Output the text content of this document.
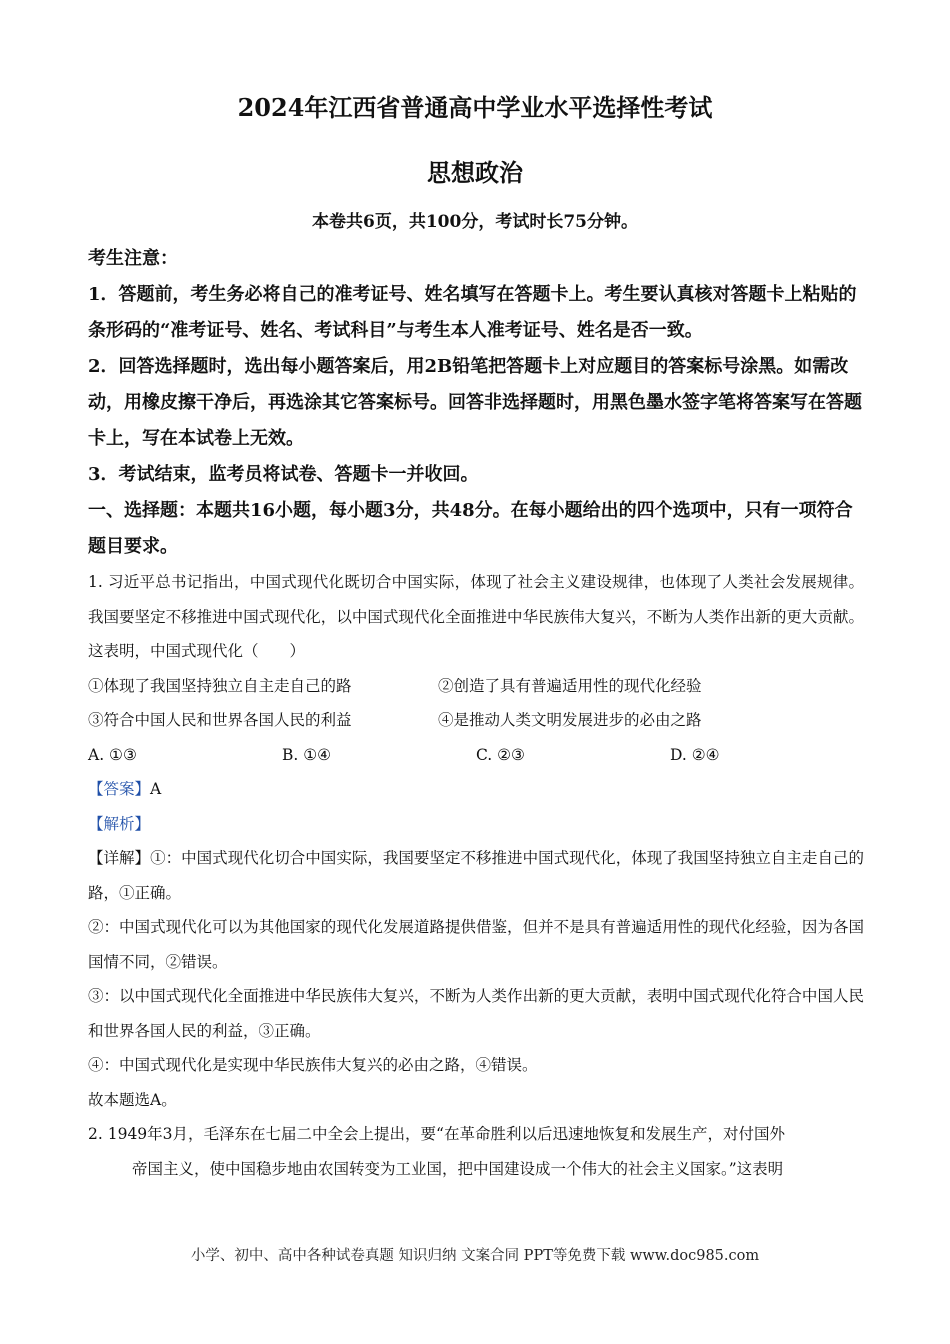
2024年江西省普通高中学业水平选择性考试
思想政治
本卷共6页，共100分，考试时长75分钟。

考生注意：

1．答题前，考生务必将自己的准考证号、姓名填写在答题卡上。考生要认真核对答题卡上粘贴的条形码的“准考证号、姓名、考试科目”与考生本人准考证号、姓名是否一致。

2．回答选择题时，选出每小题答案后，用2B铅笔把答题卡上对应题目的答案标号涂黑。如需改动，用橡皮擦干净后，再选涂其它答案标号。回答非选择题时，用黑色墨水签字笔将答案写在答题卡上，写在本试卷上无效。

3．考试结束，监考员将试卷、答题卡一并收回。

一、选择题：本题共16小题，每小题3分，共48分。在每小题给出的四个选项中，只有一项符合题目要求。

1. 习近平总书记指出，中国式现代化既切合中国实际，体现了社会主义建设规律，也体现了人类社会发展规律。我国要坚定不移推进中国式现代化，以中国式现代化全面推进中华民族伟大复兴，不断为人类作出新的更大贡献。这表明，中国式现代化（　　）

①体现了我国坚持独立自主走自己的路	②创造了具有普遍适用性的现代化经验
③符合中国人民和世界各国人民的利益	④是推动人类文明发展进步的必由之路
A. ①③	B. ①④	C. ②③	D. ②④

【答案】A

【解析】

【详解】①：中国式现代化切合中国实际，我国要坚定不移推进中国式现代化，体现了我国坚持独立自主走自己的路，①正确。

②：中国式现代化可以为其他国家的现代化发展道路提供借鉴，但并不是具有普遍适用性的现代化经验，因为各国国情不同，②错误。

③：以中国式现代化全面推进中华民族伟大复兴，不断为人类作出新的更大贡献，表明中国式现代化符合中国人民和世界各国人民的利益，③正确。

④：中国式现代化是实现中华民族伟大复兴的必由之路，④错误。

故本题选A。

2. 1949年3月，毛泽东在七届二中全会上提出，要“在革命胜利以后迅速地恢复和发展生产，对付国外

帝国主义，使中国稳步地由农国转变为工业国，把中国建设成一个伟大的社会主义国家。”这表明

小学、初中、高中各种试卷真题 知识归纳 文案合同 PPT等免费下载 www.doc985.com
